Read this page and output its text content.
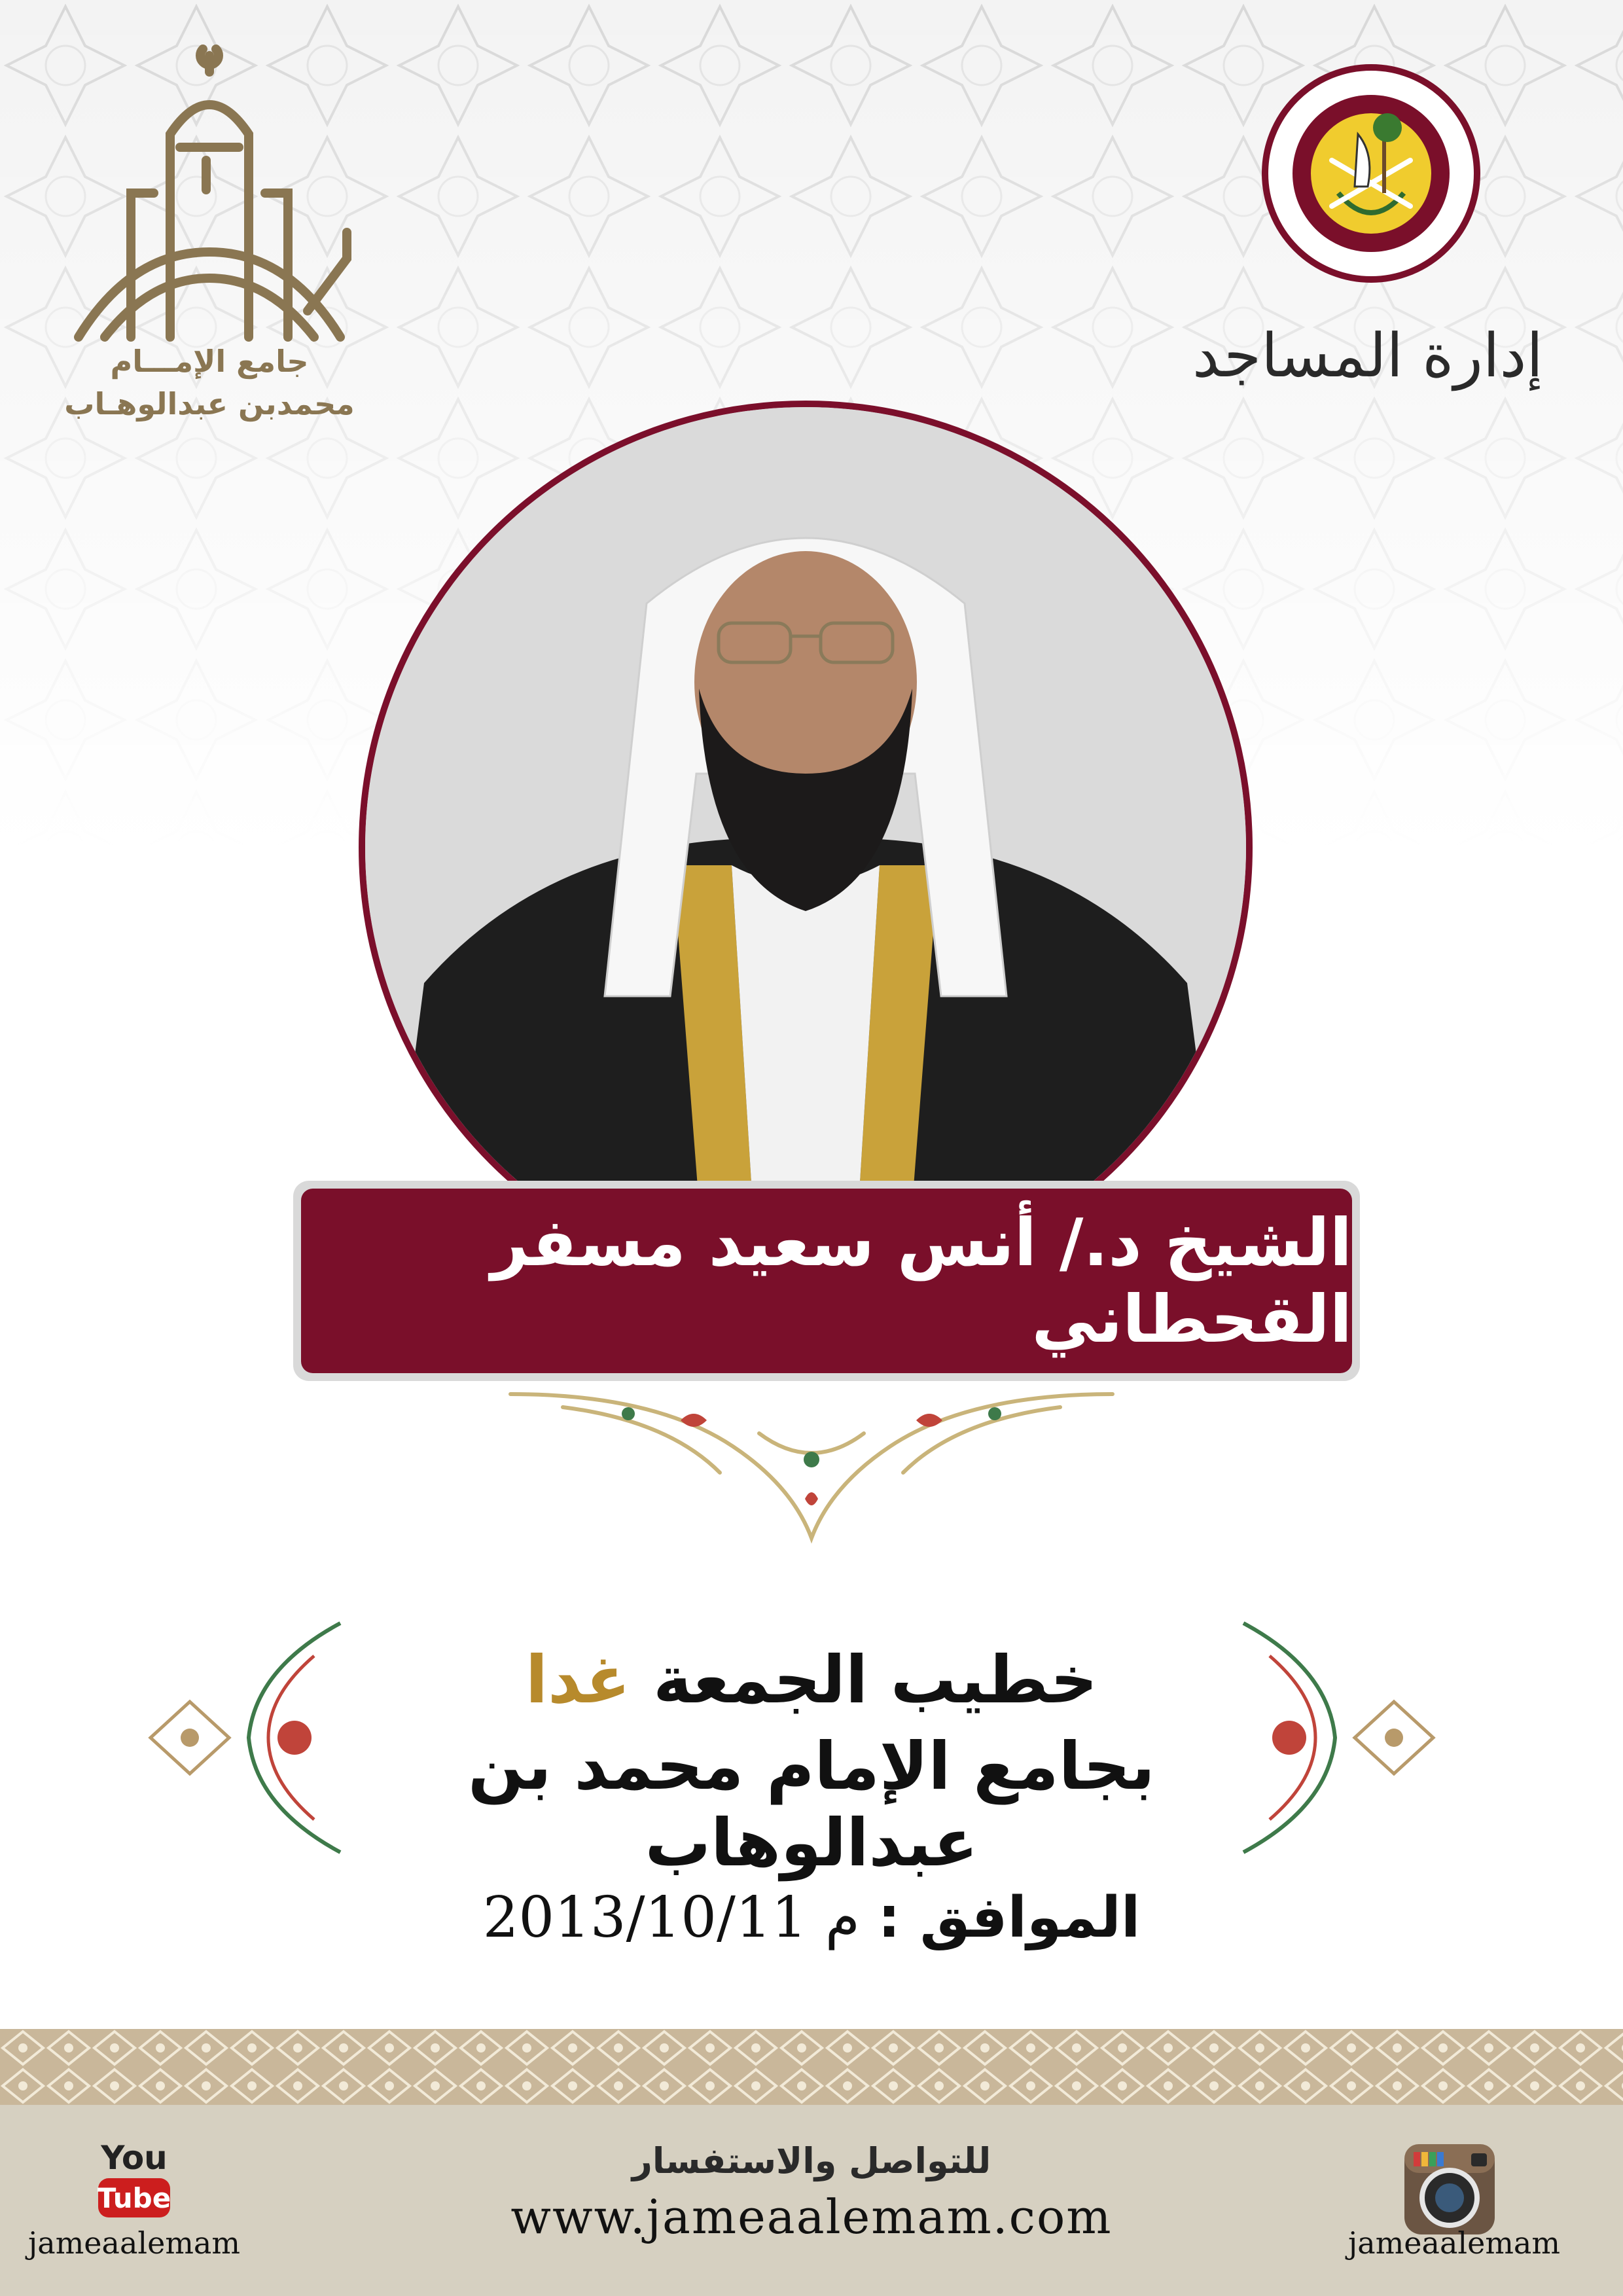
جامع الإمـــام
محمدبن عبدالوهـاب
إدارة المساجد
الشيخ د./ أنس سعيد مسفر القحطاني
خطيب الجمعة غدا
بجامع الإمام محمد بن عبدالوهاب
الموافق : 2013/10/11 م
للتواصل والاستفسار
www.jameaalemam.com
You
Tube
jameaalemam	jameaalemam
